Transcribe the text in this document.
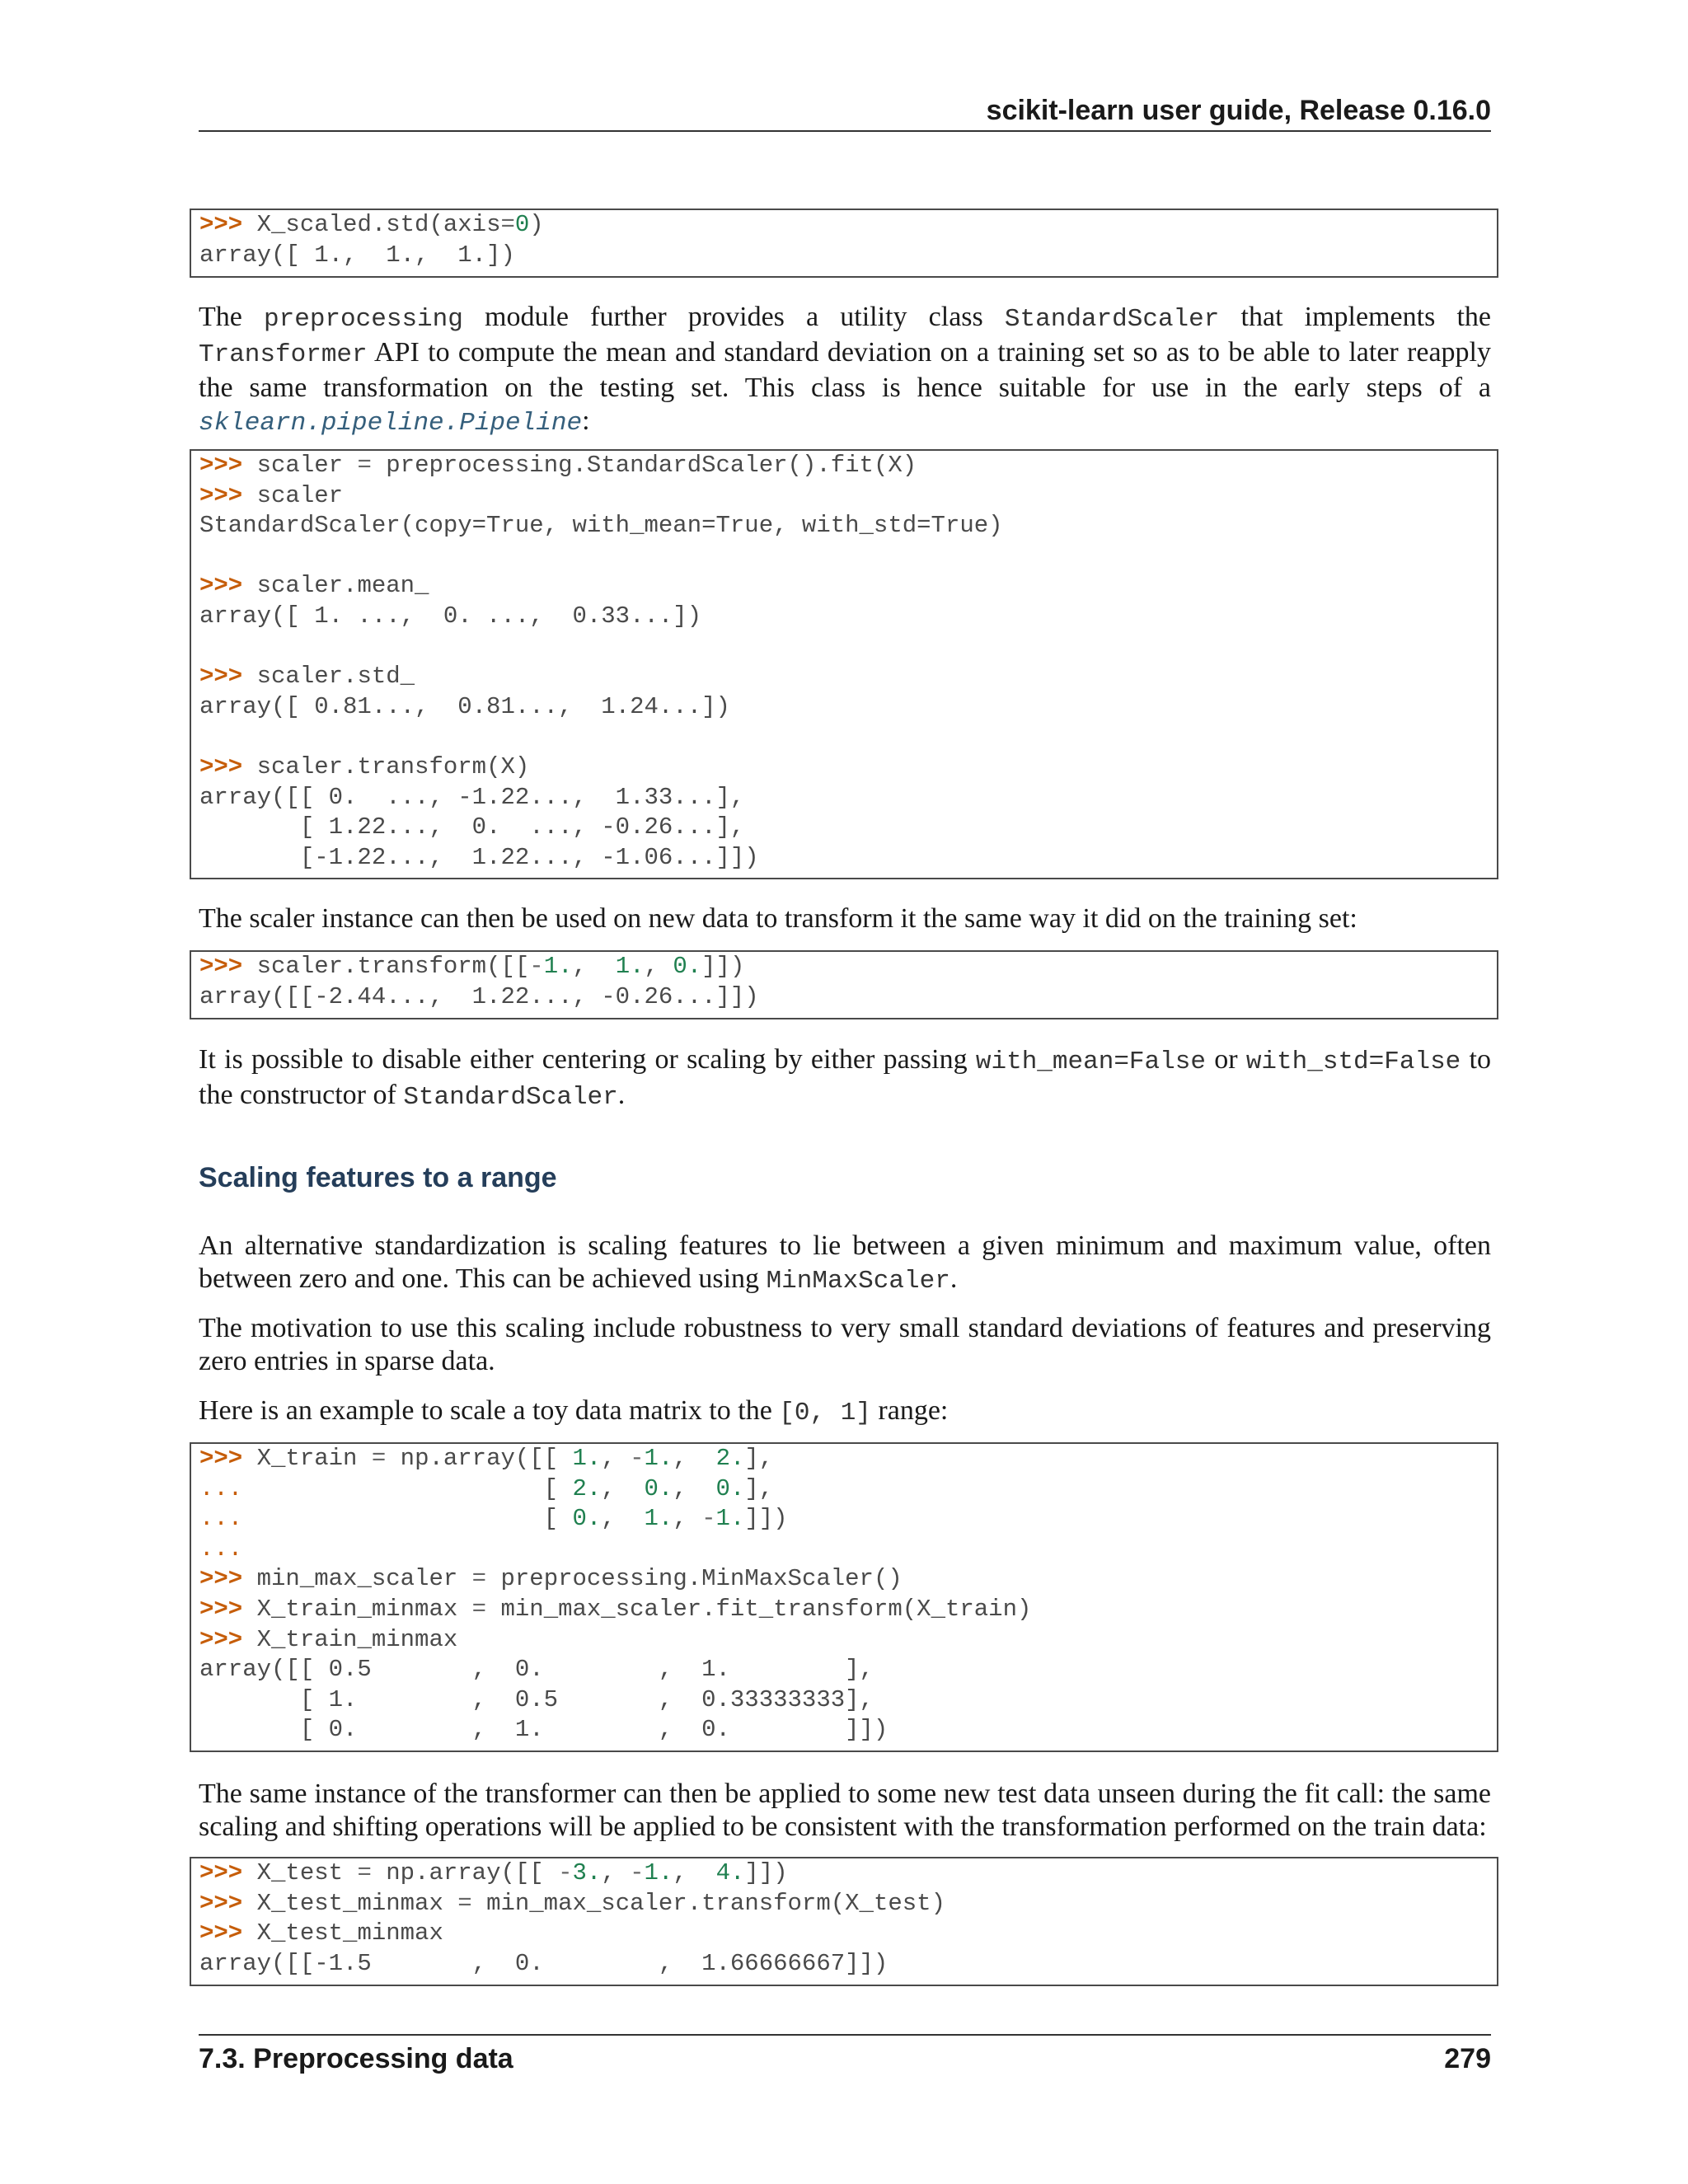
scikit-learn user guide, Release 0.16.0
>>> X_scaled.std(axis=0)
array([ 1.,  1.,  1.])

The preprocessing module further provides a utility class StandardScaler that implements the Transformer API to compute the mean and standard deviation on a training set so as to be able to later reapply the same transformation on the testing set. This class is hence suitable for use in the early steps of a sklearn.pipeline.Pipeline:

>>> scaler = preprocessing.StandardScaler().fit(X)
>>> scaler
StandardScaler(copy=True, with_mean=True, with_std=True)

>>> scaler.mean_
array([ 1. ...,  0. ...,  0.33...])

>>> scaler.std_
array([ 0.81...,  0.81...,  1.24...])

>>> scaler.transform(X)
array([[ 0.  ..., -1.22...,  1.33...],
[ 1.22...,  0.  ..., -0.26...],
[-1.22...,  1.22..., -1.06...]])

The scaler instance can then be used on new data to transform it the same way it did on the training set:

>>> scaler.transform([[-1.,  1., 0.]])
array([[-2.44...,  1.22..., -0.26...]])

It is possible to disable either centering or scaling by either passing with_mean=False or with_std=False to the constructor of StandardScaler.

Scaling features to a range

An alternative standardization is scaling features to lie between a given minimum and maximum value, often between zero and one. This can be achieved using MinMaxScaler.

The motivation to use this scaling include robustness to very small standard deviations of features and preserving zero entries in sparse data.

Here is an example to scale a toy data matrix to the [0, 1] range:

>>> X_train = np.array([[ 1., -1.,  2.],
...                     [ 2.,  0.,  0.],
...                     [ 0.,  1., -1.]])
...
>>> min_max_scaler = preprocessing.MinMaxScaler()
>>> X_train_minmax = min_max_scaler.fit_transform(X_train)
>>> X_train_minmax
array([[ 0.5       ,  0.        ,  1.        ],
[ 1.        ,  0.5       ,  0.33333333],
[ 0.        ,  1.        ,  0.        ]])

The same instance of the transformer can then be applied to some new test data unseen during the fit call: the same scaling and shifting operations will be applied to be consistent with the transformation performed on the train data:

>>> X_test = np.array([[ -3., -1.,  4.]])
>>> X_test_minmax = min_max_scaler.transform(X_test)
>>> X_test_minmax
array([[-1.5       ,  0.        ,  1.66666667]])
7.3. Preprocessing data	279
